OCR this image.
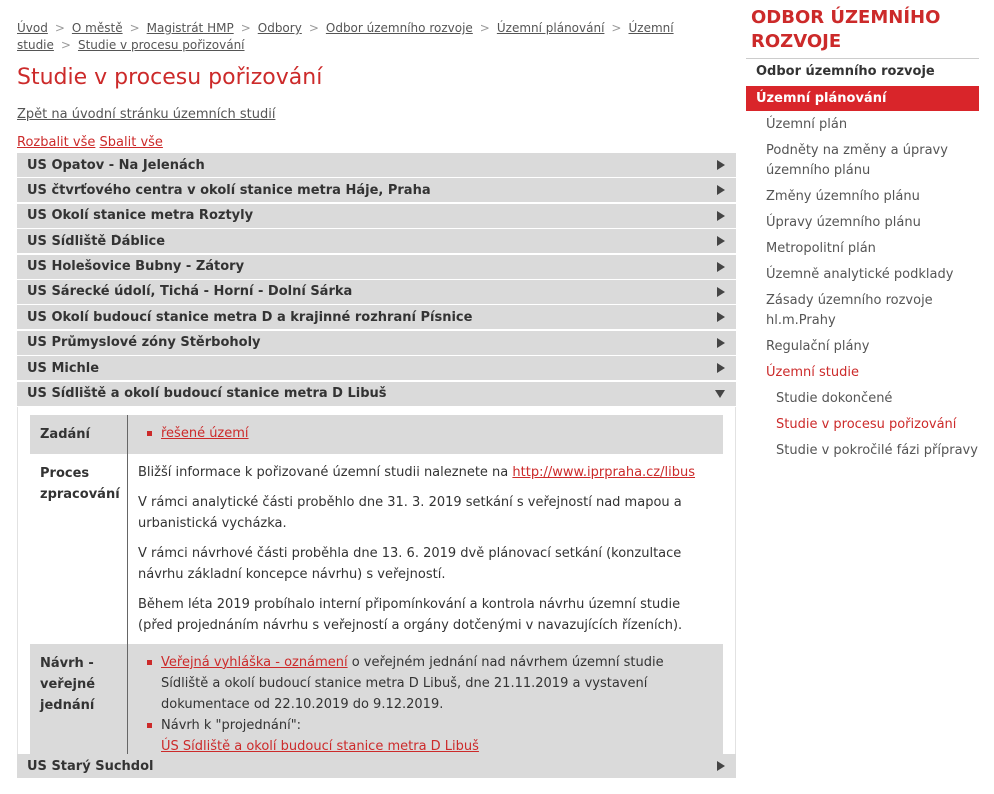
Úvod > O městě > Magistrát HMP > Odbory > Odbor územního rozvoje > Územní plánování > Územní studie > Studie v procesu pořizování
Studie v procesu pořizování
Zpět na úvodní stránku územních studií
Rozbalit vše Sbalit vše
ÚS Opatov - Na Jelenách
ÚS čtvrťového centra v okolí stanice metra Háje, Praha
ÚS Okolí stanice metra Roztyly
ÚS Sídliště Ďáblice
ÚS Holešovice Bubny - Zátory
ÚS Šárecké údolí, Tichá - Horní - Dolní Šárka
ÚS Okolí budoucí stanice metra D a krajinné rozhraní Písnice
ÚS Průmyslové zóny Štěrboholy
ÚS Michle
ÚS Sídliště a okolí budoucí stanice metra D Libuš
Zadání	řešené území
Proces zpracování

Bližší informace k pořizované územní studii naleznete na http://www.iprpraha.cz/libus

V rámci analytické části proběhlo dne 31. 3. 2019 setkání s veřejností nad mapou a urbanistická vycházka.

V rámci návrhové části proběhla dne 13. 6. 2019 dvě plánovací setkání (konzultace návrhu základní koncepce návrhu) s veřejností.

Během léta 2019 probíhalo interní připomínkování a kontrola návrhu územní studie (před projednáním návrhu s veřejností a orgány dotčenými v navazujících řízeních).

Návrh - veřejné jednání
Veřejná vyhláška - oznámení o veřejném jednání nad návrhem územní studie Sídliště a okolí budoucí stanice metra D Libuš, dne 21.11.2019 a vystavení dokumentace od 22.10.2019 do 9.12.2019.
Návrh k "projednání":
ÚS Sídliště a okolí budoucí stanice metra D Libuš
ÚS Starý Suchdol
ODBOR ÚZEMNÍHO ROZVOJE
Odbor územního rozvoje
Územní plánování
Územní plán
Podněty na změny a úpravy územního plánu
Změny územního plánu
Úpravy územního plánu
Metropolitní plán
Územně analytické podklady
Zásady územního rozvoje hl.m.Prahy
Regulační plány
Územní studie
Studie dokončené
Studie v procesu pořizování
Studie v pokročilé fázi přípravy
